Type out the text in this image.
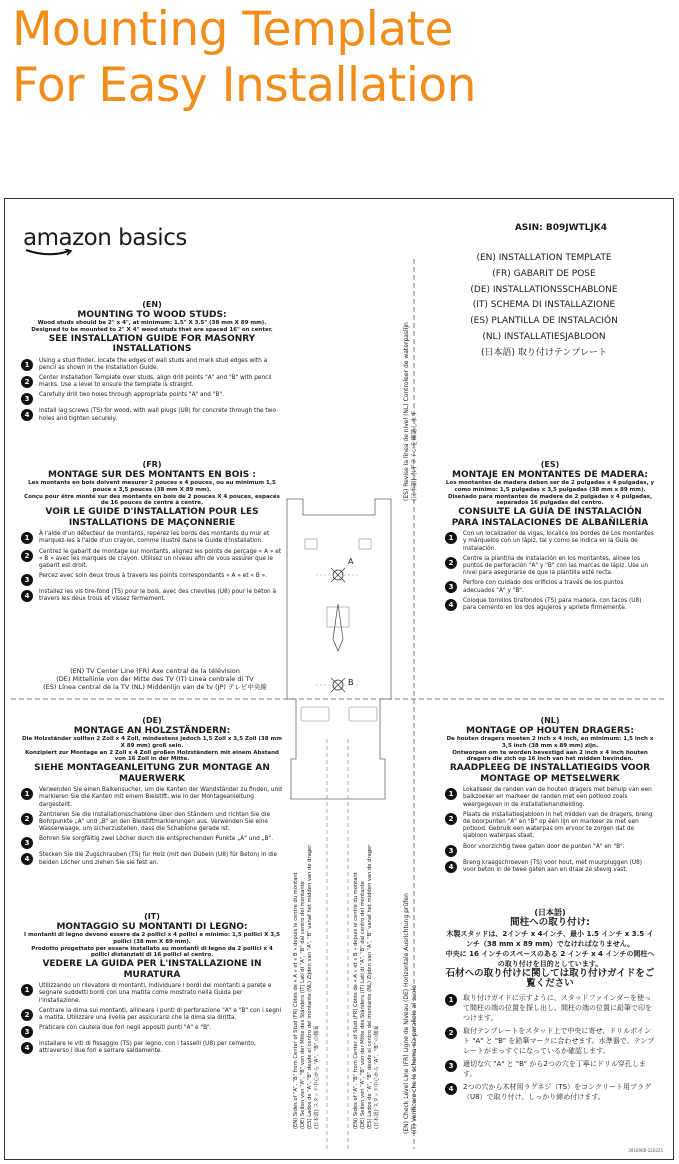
Mounting Template
For Easy Installation
A
B
amazon basics	ASIN: B09JWTLJK4
(EN) INSTALLATION TEMPLATE
(FR) GABARIT DE POSE
(DE) INSTALLATIONSSCHABLONE
(IT) SCHEMA DI INSTALLAZIONE
(ES) PLANTILLA DE INSTALACIÓN
(NL) INSTALLATIESJABLOON
(日本語) 取り付けテンプレート
(EN)
MOUNTING TO WOOD STUDS:

Wood studs should be 2" x 4", at minimum: 1.5" X 3.5" (38 mm X 89 mm).

Designed to be mounted to 2" X 4" wood studs that are spaced 16" on center.

SEE INSTALLATION GUIDE FOR MASONRY INSTALLATIONS
1	Using a stud finder, locate the edges of wall studs and mark stud edges with a pencil as shown in the Installation Guide.
2	Center Installation Template over studs, align drill points "A" and "B" with pencil marks. Use a level to ensure the template is straight.
3	Carefully drill two holes through appropriate points "A" and "B".
4	Install lag screws (TS) for wood, with wall plugs (U8) for concrete through the two holes and tighten securely.
(FR)
MONTAGE SUR DES MONTANTS EN BOIS :

Les montants en bois doivent mesurer 2 pouces x 4 pouces, ou au minimum 1,5 pouce x 3,5 pouces (38 mm X 89 mm).

Conçu pour être monté sur des montants en bois de 2 pouces X 4 pouces, espacés de 16 pouces de centre à centre.

VOIR LE GUIDE D'INSTALLATION POUR LES INSTALLATIONS DE MAÇONNERIE
1	À l'aide d'un détecteur de montants, repérez les bords des montants du mur et marquez-les à l'aide d'un crayon, comme illustré dans le Guide d'installation.
2	Centrez le gabarit de montage sur montants, alignez les points de perçage « A » et « B » avec les marques de crayon. Utilisez un niveau afin de vous assurer que le gabarit est droit.
3	Percez avec soin deux trous à travers les points correspondants « A » et « B ».
4	Installez les vis tire-fond (TS) pour le bois, avec des chevilles (U8) pour le béton à travers les deux trous et vissez fermement.
(ES)
MONTAJE EN MONTANTES DE MADERA:

Los montantes de madera deben ser de 2 pulgadas x 4 pulgadas, y como mínimo: 1,5 pulgadas x 3,5 pulgadas (38 mm x 89 mm).

Diseñado para montantes de madera de 2 pulgadas x 4 pulgadas, separados 16 pulgadas del centro.

CONSULTE LA GUÍA DE INSTALACIÓN PARA INSTALACIONES DE ALBAÑILERÍA
1	Con un localizador de vigas, localice los bordes de Los montantes y márquelos con un lápiz, tal y como se indica en la Guía de instalación.
2	Centre la plantilla de instalación en los montantes, alinee los puntos de perforación "A" y "B" con las marcas de lápiz. Use un nivel para asegurarse de que la plantilla esté recta.
3	Perfore con cuidado dos orificios a través de los puntos adecuados "A" y "B".
4	Coloque tornillos tirafondos (TS) para madera, con tacos (U8) para cemento en los dos agujeros y apriete firmemente.
(EN) TV Center Line (FR) Axe central de la télévision
(DE) Mittellinie von der Mitte des TV (IT) Linea centrale di TV
(ES) Línea central de la TV (NL) Middenlijn van de tv (JP) テレビ中央線
(DE)
MONTAGE AN HOLZSTÄNDERN:

Die Holzständer sollten 2 Zoll x 4 Zoll, mindestens jedoch 1,5 Zoll x 3,5 Zoll (38 mm X 89 mm) groß sein.

Konzipiert zur Montage an 2 Zoll x 4 Zoll großen Holzständern mit einem Abstand von 16 Zoll in der Mitte.

SIEHE MONTAGEANLEITUNG ZUR MONTAGE AN MAUERWERK
1	Verwenden Sie einen Balkensucher, um die Kanten der Wandständer zu finden, und markieren Sie die Kanten mit einem Bleistift, wie in der Montageanleitung dargestellt.
2	Zentrieren Sie die Installationsschablone über den Ständern und richten Sie die Bohrpunkte „A" und „B" an den Bleistiftmarkierungen aus. Verwenden Sie eine Wasserwaage, um sicherzustellen, dass die Schablone gerade ist.
3	Bohren Sie sorgfältig zwei Löcher durch die entsprechenden Punkte „A" und „B".
4	Stecken Sie die Zugschrauben (TS) für Holz (mit den Dübeln (U8) für Beton) in die beiden Löcher und ziehen Sie sie fest an.
(IT)
MONTAGGIO SU MONTANTI DI LEGNO:

I montanti di legno devono essere da 2 pollici x 4 pollici e minimo: 1,5 pollici X 3,5 pollici (38 mm X 89 mm).

Prodotto progettato per essere installato su montanti di legno da 2 pollici x 4 pollici distanziati di 16 pollici al centro.

VEDERE LA GUIDA PER L'INSTALLAZIONE IN MURATURA
1	Utilizzando un rilevatore di montanti, individuare i bordi dei montanti a parete e segnare suddetti bordi con una matita come mostrato nella Guida per l'installazione.
2	Centrare la dima sui montanti, allineare i punti di perforazione "A" e "B" con i segni a matita. Utilizzare una livella per assicurarsi che la dima sia diritta.
3	Praticare con cautela due fori negli appositi punti "A" e "B".
4	Installare le viti di fissaggio (TS) per legno, con i tasselli (U8) per cemento, attraverso i due fori e serrare saldamente.
(NL)
MONTAGE OP HOUTEN DRAGERS:

De houten dragers moeten 2 inch x 4 inch, en minimum: 1,5 inch x 3,5 inch (38 mm x 89 mm) zijn.

Ontworpen om te worden bevestigd aan 2 inch x 4 inch houten dragers die zich op 16 inch van het midden bevinden.

RAADPLEEG DE INSTALLATIEGIDS VOOR MONTAGE OP METSELWERK
1	Lokaliseer de randen van de houten dragers met behulp van een balkzoeker en markeer de randen met een potlood zoals weergegeven in de installatiehandleiding.
2	Plaats de installatiesjabloon in het midden van de dragers, breng de boorpunten "A" en "B" op één lijn en markeer ze met een potlood. Gebruik een waterpas om ervoor te zorgen dat de sjabloon waterpas staat.
3	Boor voorzichtig twee gaten door de punten "A" en "B".
4	Breng kraagschroeven (TS) voor hout, met muurpluggen (U8) voor beton in de twee gaten aan en draai ze stevig vast.
(日本語)
間柱への取り付け:

木製スタッドは、2インチ x 4インチ、最小 1.5 インチ x 3.5 インチ（38 mm x 89 mm）でなければなりません。

中央に 16 インチのスペースのある 2 インチ x 4 インチの間柱への取り付けを目的としています。

石材への取り付けに関しては取り付けガイドをご覧ください
1	取り付けガイドに示すように、スタッドファインダーを使って間柱の端の位置を探し出し、間柱の端の位置に鉛筆で印をつけます。
2	取付テンプレートをスタッド上で中央に寄せ、ドリルポイント "A" と "B" を鉛筆マークに合わせます。水準器で、テンプレートがまっすぐになっているか確認します。
3	適切な穴 "A" と "B" から2つの穴を丁寧にドリル穿孔します。
4	2つの穴から木材用ラグネジ（TS）をコンクリート用プラグ（U8）で取り付け、しっかり締め付けます。
(ES) Revise la línea de nivel (NL) Controleer de waterpaslijn (日本語) 水平ラインを確認します
(EN) Check Level Line (FR) Ligne de Niveau (DE) Horizontale Ausrichtung prüfen (IT) Verificare che lo schema sia parallelo al suolo
(EN) Sides of "A", "B" from Center of Stud (FR) Côtés de « A » et « B » depuis le centre du montant (DE) Seiten von "A", "B" von der Mitte des Ständers (IT) Lati di "A", "B" dal centro del montante (ES) Lados de "A", "B" desde el centro del montante (NL) Zijden van "A", "B" vanaf het midden van de drager (日本語) スタッド中心から "A"、"B" の側面	(EN) Sides of "A", "B" from Center of Stud (FR) Côtés de « A » et « B » depuis le centre du montant (DE) Seiten von "A", "B" von der Mitte des Ständers (IT) Lati di "A", "B" dal centro del montante (ES) Lados de "A", "B" desde el centro del montante (NL) Zijden van "A", "B" vanaf het midden van de drager (日本語) スタッド中心から "A"、"B" の側面
391090B-220225
